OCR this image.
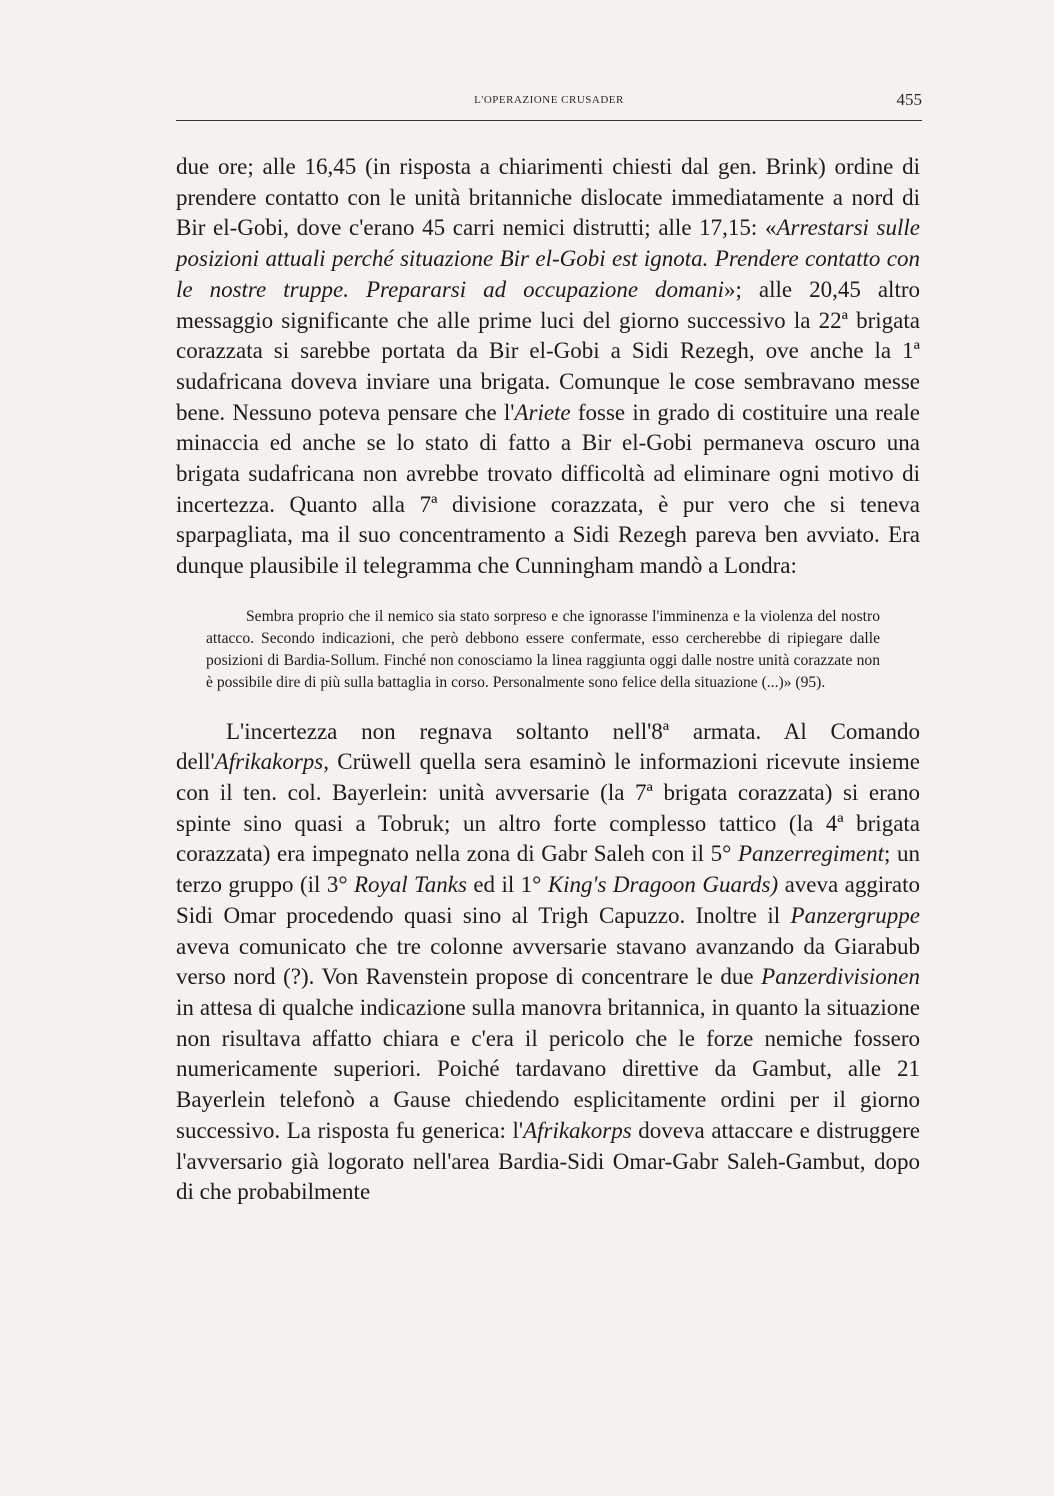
L'OPERAZIONE CRUSADER	455

due ore; alle 16,45 (in risposta a chiarimenti chiesti dal gen. Brink) ordine di prendere contatto con le unità britanniche dislocate immediatamente a nord di Bir el-Gobi, dove c'erano 45 carri nemici distrutti; alle 17,15: «Arrestarsi sulle posizioni attuali perché situazione Bir el-Gobi est ignota. Prendere contatto con le nostre truppe. Prepararsi ad occupazione domani»; alle 20,45 altro messaggio significante che alle prime luci del giorno successivo la 22ª brigata corazzata si sarebbe portata da Bir el-Gobi a Sidi Rezegh, ove anche la 1ª sudafricana doveva inviare una brigata. Comunque le cose sembravano messe bene. Nessuno poteva pensare che l'Ariete fosse in grado di costituire una reale minaccia ed anche se lo stato di fatto a Bir el-Gobi permaneva oscuro una brigata sudafricana non avrebbe trovato difficoltà ad eliminare ogni motivo di incertezza. Quanto alla 7ª divisione corazzata, è pur vero che si teneva sparpagliata, ma il suo concentramento a Sidi Rezegh pareva ben avviato. Era dunque plausibile il telegramma che Cunningham mandò a Londra:

Sembra proprio che il nemico sia stato sorpreso e che ignorasse l'imminenza e la violenza del nostro attacco. Secondo indicazioni, che però debbono essere confermate, esso cercherebbe di ripiegare dalle posizioni di Bardia-Sollum. Finché non conosciamo la linea raggiunta oggi dalle nostre unità corazzate non è possibile dire di più sulla battaglia in corso. Personalmente sono felice della situazione (...)» (95).

L'incertezza non regnava soltanto nell'8ª armata. Al Comando dell'Afrikakorps, Crüwell quella sera esaminò le informazioni ricevute insieme con il ten. col. Bayerlein: unità avversarie (la 7ª brigata corazzata) si erano spinte sino quasi a Tobruk; un altro forte complesso tattico (la 4ª brigata corazzata) era impegnato nella zona di Gabr Saleh con il 5° Panzerregiment; un terzo gruppo (il 3° Royal Tanks ed il 1° King's Dragoon Guards) aveva aggirato Sidi Omar procedendo quasi sino al Trigh Capuzzo. Inoltre il Panzergruppe aveva comunicato che tre colonne avversarie stavano avanzando da Giarabub verso nord (?). Von Ravenstein propose di concentrare le due Panzerdivisionen in attesa di qualche indicazione sulla manovra britannica, in quanto la situazione non risultava affatto chiara e c'era il pericolo che le forze nemiche fossero numericamente superiori. Poiché tardavano direttive da Gambut, alle 21 Bayerlein telefonò a Gause chiedendo esplicitamente ordini per il giorno successivo. La risposta fu generica: l'Afrikakorps doveva attaccare e distruggere l'avversario già logorato nell'area Bardia-Sidi Omar-Gabr Saleh-Gambut, dopo di che probabilmente
